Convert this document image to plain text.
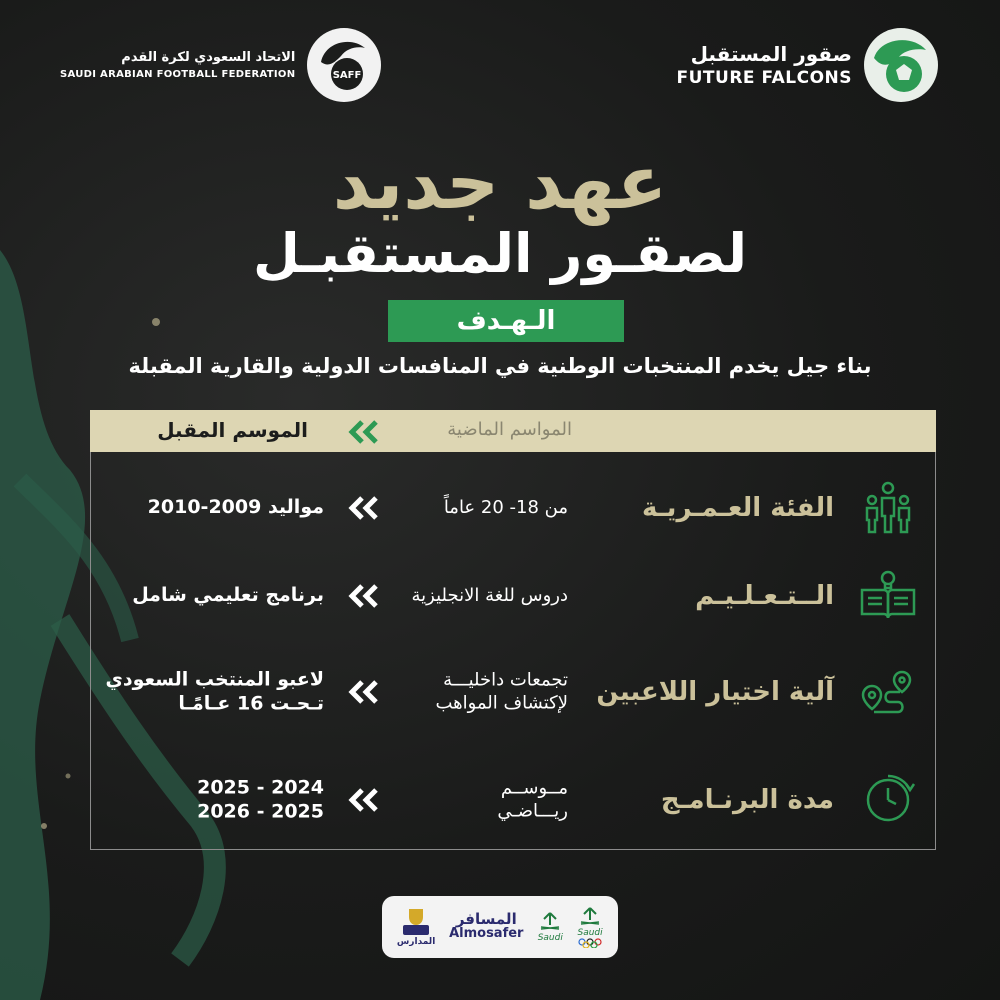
الاتحاد السعودي لكرة القدم
SAUDI ARABIAN FOOTBALL FEDERATION	SAFF
صقور المستقبل
FUTURE FALCONS
عهد جديد
لصقـور المستقبـل
الـهـدف
بناء جيل يخدم المنتخبات الوطنية في المنافسات الدولية والقارية المقبلة
المواسم الماضية
الموسم المقبل
الفئة العـمـريـة
من 18- 20 عاماً
مواليد 2009-2010
الــتـعـلـيـم
دروس للغة الانجليزية
برنامج تعليمي شامل
آلية اختيار اللاعبين
تجمعات داخليـــة
لإكتشاف المواهب
لاعبو المنتخب السعودي
تـحـت 16 عـامًـا
مدة البرنـامـج
مــوســم
ريـــاضـي
2025 - 2024
2026 - 2025
المدارس
المسافر
Almosafer Saudi Saudi
